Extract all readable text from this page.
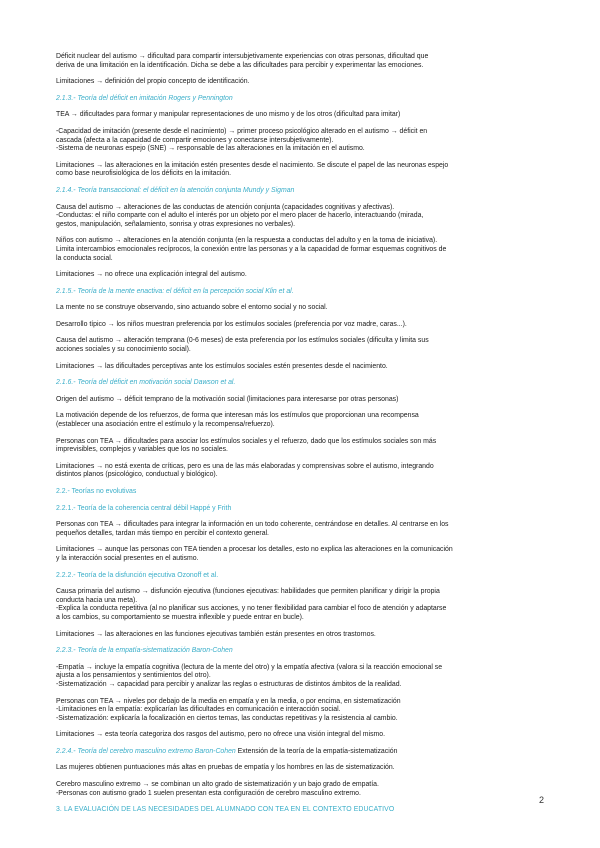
Déficit nuclear del autismo → dificultad para compartir intersubjetivamente experiencias con otras personas, dificultad que
deriva de una limitación en la identificación. Dicha se debe a las dificultades para percibir y experimentar las emociones.
Limitaciones → definición del propio concepto de identificación.
2.1.3.- Teoría del déficit en imitación Rogers y Pennington
TEA → dificultades para formar y manipular representaciones de uno mismo y de los otros (dificultad para imitar)
-Capacidad de imitación (presente desde el nacimiento) → primer proceso psicológico alterado en el autismo → déficit en
cascada (afecta a la capacidad de compartir emociones y conectarse intersubjetivamente).
-Sistema de neuronas espejo (SNE) → responsable de las alteraciones en la imitación en el autismo.
Limitaciones → las alteraciones en la imitación estén presentes desde el nacimiento. Se discute el papel de las neuronas espejo
como base neurofisiológica de los déficits en la imitación.
2.1.4.- Teoría transaccional: el déficit en la atención conjunta Mundy y Sigman
Causa del autismo → alteraciones de las conductas de atención conjunta (capacidades cognitivas y afectivas).
-Conductas: el niño comparte con el adulto el interés por un objeto por el mero placer de hacerlo, interactuando (mirada,
gestos, manipulación, señalamiento, sonrisa y otras expresiones no verbales).
Niños con autismo → alteraciones en la atención conjunta (en la respuesta a conductas del adulto y en la toma de iniciativa).
Limita intercambios emocionales recíprocos, la conexión entre las personas y a la capacidad de formar esquemas cognitivos de
la conducta social.
Limitaciones → no ofrece una explicación integral del autismo.
2.1.5.- Teoría de la mente enactiva: el déficit en la percepción social Klin et al.
La mente no se construye observando, sino actuando sobre el entorno social y no social.
Desarrollo típico → los niños muestran preferencia por los estímulos sociales (preferencia por voz madre, caras...).
Causa del autismo → alteración temprana (0-6 meses) de esta preferencia por los estímulos sociales (dificulta y limita sus
acciones sociales y su conocimiento social).
Limitaciones → las dificultades perceptivas ante los estímulos sociales estén presentes desde el nacimiento.
2.1.6.- Teoría del déficit en motivación social Dawson et al.
Origen del autismo → déficit temprano de la motivación social (limitaciones para interesarse por otras personas)
La motivación depende de los refuerzos, de forma que interesan más los estímulos que proporcionan una recompensa
(establecer una asociación entre el estímulo y la recompensa/refuerzo).
Personas con TEA → dificultades para asociar los estímulos sociales y el refuerzo, dado que los estímulos sociales son más
imprevisibles, complejos y variables que los no sociales.
Limitaciones → no está exenta de críticas, pero es una de las más elaboradas y comprensivas sobre el autismo, integrando
distintos planos (psicológico, conductual y biológico).
2.2.- Teorías no evolutivas
2.2.1.- Teoría de la coherencia central débil Happé y Frith
Personas con TEA → dificultades para integrar la información en un todo coherente, centrándose en detalles. Al centrarse en los
pequeños detalles, tardan más tiempo en percibir el contexto general.
Limitaciones → aunque las personas con TEA tienden a procesar los detalles, esto no explica las alteraciones en la comunicación
y la interacción social presentes en el autismo.
2.2.2.- Teoría de la disfunción ejecutiva Ozonoff et al.
Causa primaria del autismo → disfunción ejecutiva (funciones ejecutivas: habilidades que permiten planificar y dirigir la propia
conducta hacia una meta).
-Explica la conducta repetitiva (al no planificar sus acciones, y no tener flexibilidad para cambiar el foco de atención y adaptarse
a los cambios, su comportamiento se muestra inflexible y puede entrar en bucle).
Limitaciones → las alteraciones en las funciones ejecutivas también están presentes en otros trastornos.
2.2.3.- Teoría de la empatía-sistematización Baron-Cohen
-Empatía → incluye la empatía cognitiva (lectura de la mente del otro) y la empatía afectiva (valora si la reacción emocional se
ajusta a los pensamientos y sentimientos del otro).
-Sistematización → capacidad para percibir y analizar las reglas o estructuras de distintos ámbitos de la realidad.
Personas con TEA → niveles por debajo de la media en empatía y en la media, o por encima, en sistematización
-Limitaciones en la empatía: explicarían las dificultades en comunicación e interacción social.
-Sistematización: explicaría la focalización en ciertos temas, las conductas repetitivas y la resistencia al cambio.
Limitaciones → esta teoría categoriza dos rasgos del autismo, pero no ofrece una visión integral del mismo.
2.2.4.- Teoría del cerebro masculino extremo Baron-Cohen Extensión de la teoría de la empatía-sistematización
Las mujeres obtienen puntuaciones más altas en pruebas de empatía y los hombres en las de sistematización.
Cerebro masculino extremo → se combinan un alto grado de sistematización y un bajo grado de empatía.
-Personas con autismo grado 1 suelen presentan esta configuración de cerebro masculino extremo.
3. LA EVALUACIÓN DE LAS NECESIDADES DEL ALUMNADO CON TEA EN EL CONTEXTO EDUCATIVO
2
